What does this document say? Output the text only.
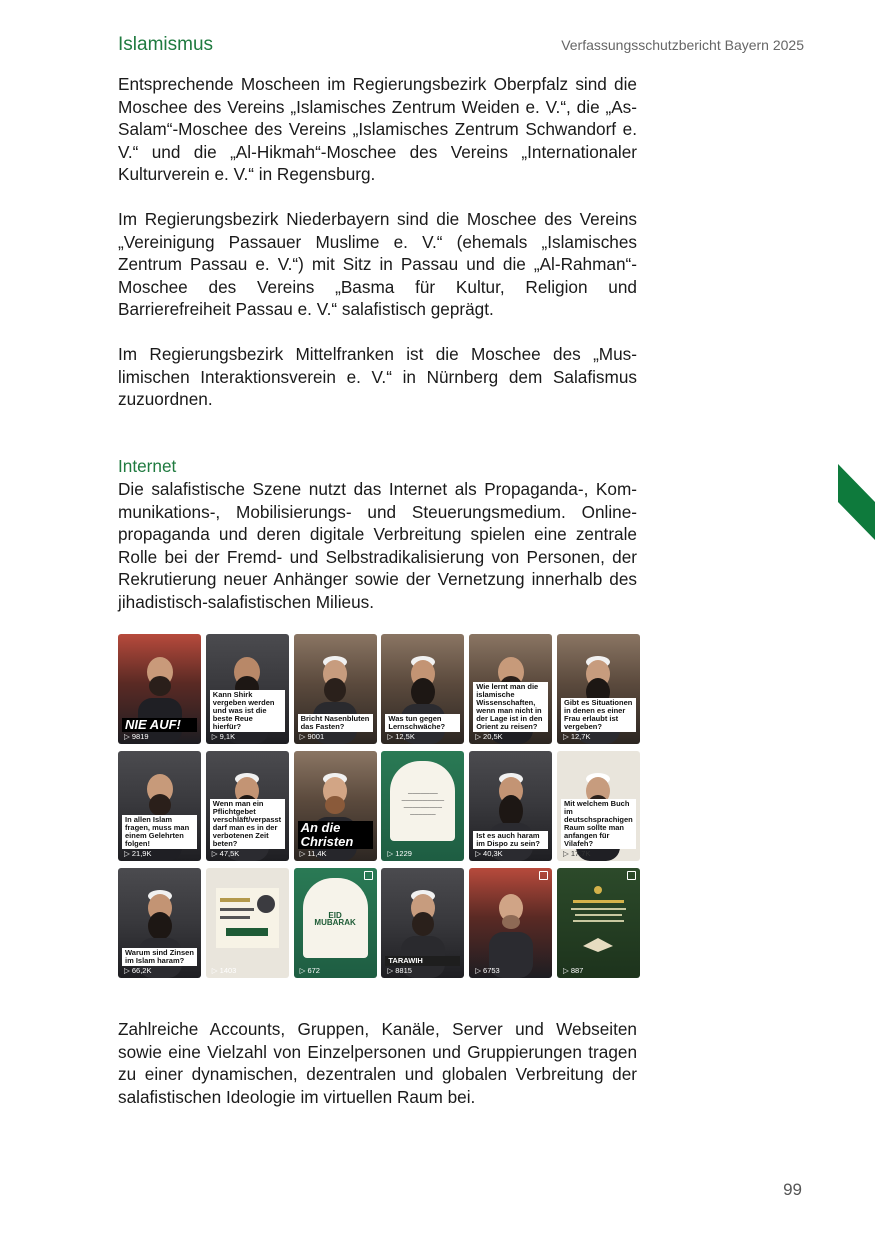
Islamismus	Verfassungsschutzbericht Bayern 2025

Entsprechende Moscheen im Regierungsbezirk Oberpfalz sind die Moschee des Vereins „Islamisches Zentrum Weiden e. V.“, die „As-Salam“-Moschee des Vereins „Islamisches Zentrum Schwandorf e. V.“ und die „Al-Hikmah“-Moschee des Vereins „Internationaler Kulturverein e. V.“ in Regensburg.

Im Regierungsbezirk Niederbayern sind die Moschee des Vereins „Vereinigung Passauer Muslime e. V.“ (ehemals „Islamisches Zentrum Passau e. V.“) mit Sitz in Passau und die „Al-Rahman“-Moschee des Vereins „Basma für Kultur, Religion und Barrierefreiheit Passau e. V.“ salafistisch geprägt.

Im Regierungsbezirk Mittelfranken ist die Moschee des „Muslimischen Interaktionsverein e. V.“ in Nürnberg dem Salafismus zuzuordnen.

Internet

Die salafistische Szene nutzt das Internet als Propaganda-, Kommunikations-, Mobilisierungs- und Steuerungsmedium. Onlinepropaganda und deren digitale Verbreitung spielen eine zentrale Rolle bei der Fremd- und Selbstradikalisierung von Personen, der Rekrutierung neuer Anhänger sowie der Vernetzung innerhalb des jihadistisch-salafistischen Milieus.

NIE AUF!
▷ 9819
Kann Shirk vergeben werden und was ist die beste Reue hierfür?
▷ 9,1K
Bricht Nasenbluten das Fasten?
▷ 9001
Was tun gegen Lernschwäche?
▷ 12,5K
Wie lernt man die islamische Wissenschaften, wenn man nicht in der Lage ist in den Orient zu reisen?
▷ 20,5K
Gibt es Situationen in denen es einer Frau erlaubt ist vergeben?
▷ 12,7K
In allen Islam fragen, muss man einem Gelehrten folgen!
▷ 21,9K
Wenn man ein Pflichtgebet verschläft/verpasst darf man es in der verbotenen Zeit beten?
▷ 47,5K
An die Christen
▷ 11,4K
───────
──────────
─────────
──────
▷ 1229
Ist es auch haram im Dispo zu sein?
▷ 40,3K
Mit welchem Buch im deutschsprachigen Raum sollte man anfangen für Vilafeh?
▷ 17,7K
Warum sind Zinsen im Islam haram?
▷ 66,2K	▷ 1403
EID MUBARAK
▷ 672
TARAWIH
▷ 8815	▷ 6753	▷ 887

Zahlreiche Accounts, Gruppen, Kanäle, Server und Webseiten sowie eine Vielzahl von Einzelpersonen und Gruppierungen tragen zu einer dynamischen, dezentralen und globalen Verbreitung der salafistischen Ideologie im virtuellen Raum bei.

99
